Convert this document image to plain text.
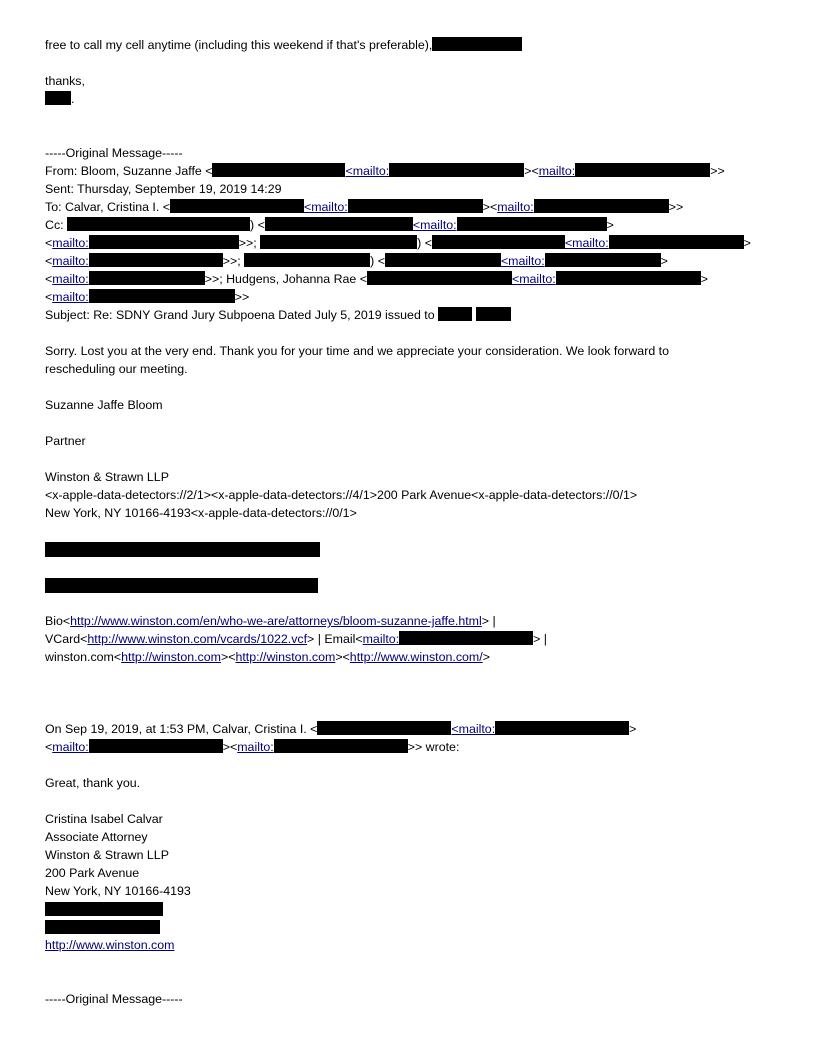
free to call my cell anytime (including this weekend if that's preferable),
thanks,
.
-----Original Message-----
From: Bloom, Suzanne Jaffe <	<mailto:	><mailto:	>>
Sent: Thursday, September 19, 2019 14:29
To: Calvar, Cristina I. <	<mailto:	><mailto:	>>
Cc:	) <	<mailto:	>
<mailto:	>>;	) <	<mailto:	>
<mailto:	>>;	) <	<mailto:	>
<mailto:	>>; Hudgens, Johanna Rae <	<mailto:	>
<mailto:	>>
Subject: Re: SDNY Grand Jury Subpoena Dated July 5, 2019 issued to
Sorry. Lost you at the very end. Thank you for your time and we appreciate your consideration. We look forward to
rescheduling our meeting.
Suzanne Jaffe Bloom
Partner
Winston & Strawn LLP
<x-apple-data-detectors://2/1><x-apple-data-detectors://4/1>200 Park Avenue<x-apple-data-detectors://0/1>
New York, NY 10166-4193<x-apple-data-detectors://0/1>
Bio<http://www.winston.com/en/who-we-are/attorneys/bloom-suzanne-jaffe.html> |
VCard<http://www.winston.com/vcards/1022.vcf> | Email<mailto:	> |
winston.com<http://winston.com><http://winston.com><http://www.winston.com/>
On Sep 19, 2019, at 1:53 PM, Calvar, Cristina I. <	<mailto:	>
<mailto:	><mailto:	>> wrote:
Great, thank you.
Cristina Isabel Calvar
Associate Attorney
Winston & Strawn LLP
200 Park Avenue
New York, NY 10166-4193
http://www.winston.com
-----Original Message-----
